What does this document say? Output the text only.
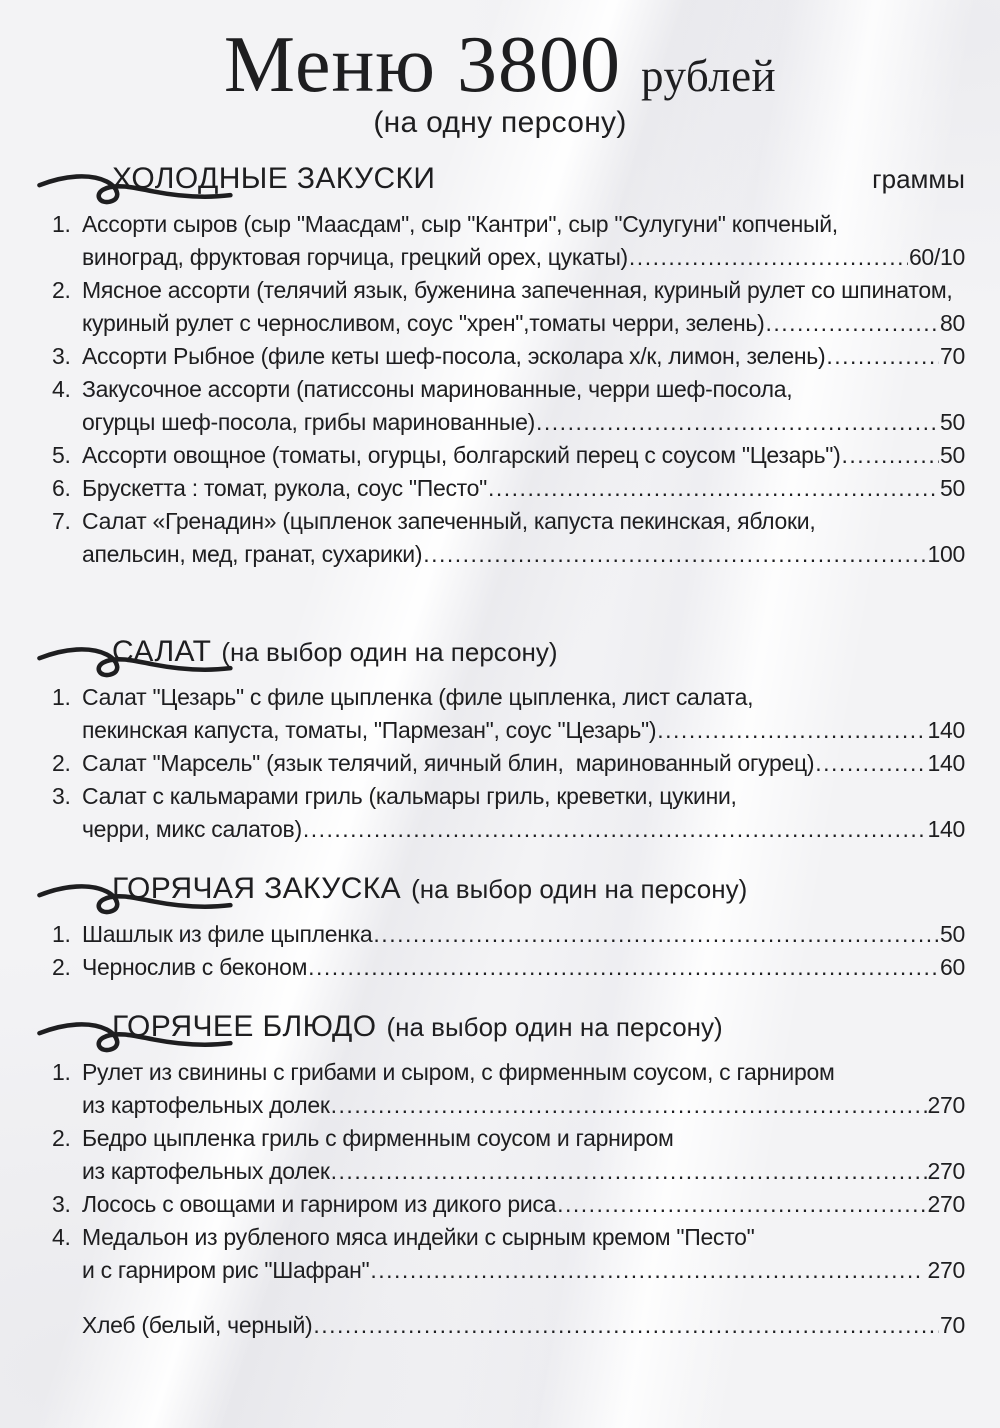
Меню 3800 рублей
(на одну персону)
ХОЛОДНЫЕ ЗАКУСКИ	граммы
1. Ассорти сыров (сыр "Маасдам", сыр "Кантри", сыр "Сулугуни" копченый,
виноград, фруктовая горчица, грецкий орех, цукаты) .....	60/10
2. Мясное ассорти (телячий язык, буженина запеченная, куриный рулет со шпинатом,
куриный рулет с черносливом, соус "хрен",томаты черри, зелень) .....	80
3. Ассорти Рыбное (филе кеты шеф-посола, эсколара х/к, лимон, зелень) .....	70
4. Закусочное ассорти (патиссоны маринованные, черри шеф-посола,
огурцы шеф-посола, грибы маринованные) .....	50
5. Ассорти овощное (томаты, огурцы, болгарский перец с соусом "Цезарь") .....	50
6. Брускетта : томат, рукола, соус "Песто" .....	50
7. Салат «Гренадин» (цыпленок запеченный, капуста пекинская, яблоки,
апельсин, мед, гранат, сухарики) .....	100
САЛАТ (на выбор один на персону)
1. Салат "Цезарь" с филе цыпленка (филе цыпленка, лист салата,
пекинская капуста, томаты, "Пармезан", соус "Цезарь") .....	140
2. Салат "Марсель" (язык телячий, яичный блин,  маринованный огурец) .....	140
3. Салат с кальмарами гриль (кальмары гриль, креветки, цукини,
черри, микс салатов) .....	140
ГОРЯЧАЯ ЗАКУСКА (на выбор один на персону)
1. Шашлык из филе цыпленка .....	50
2. Чернослив с беконом .....	60
ГОРЯЧЕЕ БЛЮДО (на выбор один на персону)
1. Рулет из свинины с грибами и сыром, с фирменным соусом, с гарниром
из картофельных долек .....	270
2. Бедро цыпленка гриль с фирменным соусом и гарниром
из картофельных долек .....	270
3. Лосось с овощами и гарниром из дикого риса .....	270
4. Медальон из рубленого мяса индейки с сырным кремом "Песто"
и с гарниром рис "Шафран" .....	270
Хлеб (белый, черный) .....	70
